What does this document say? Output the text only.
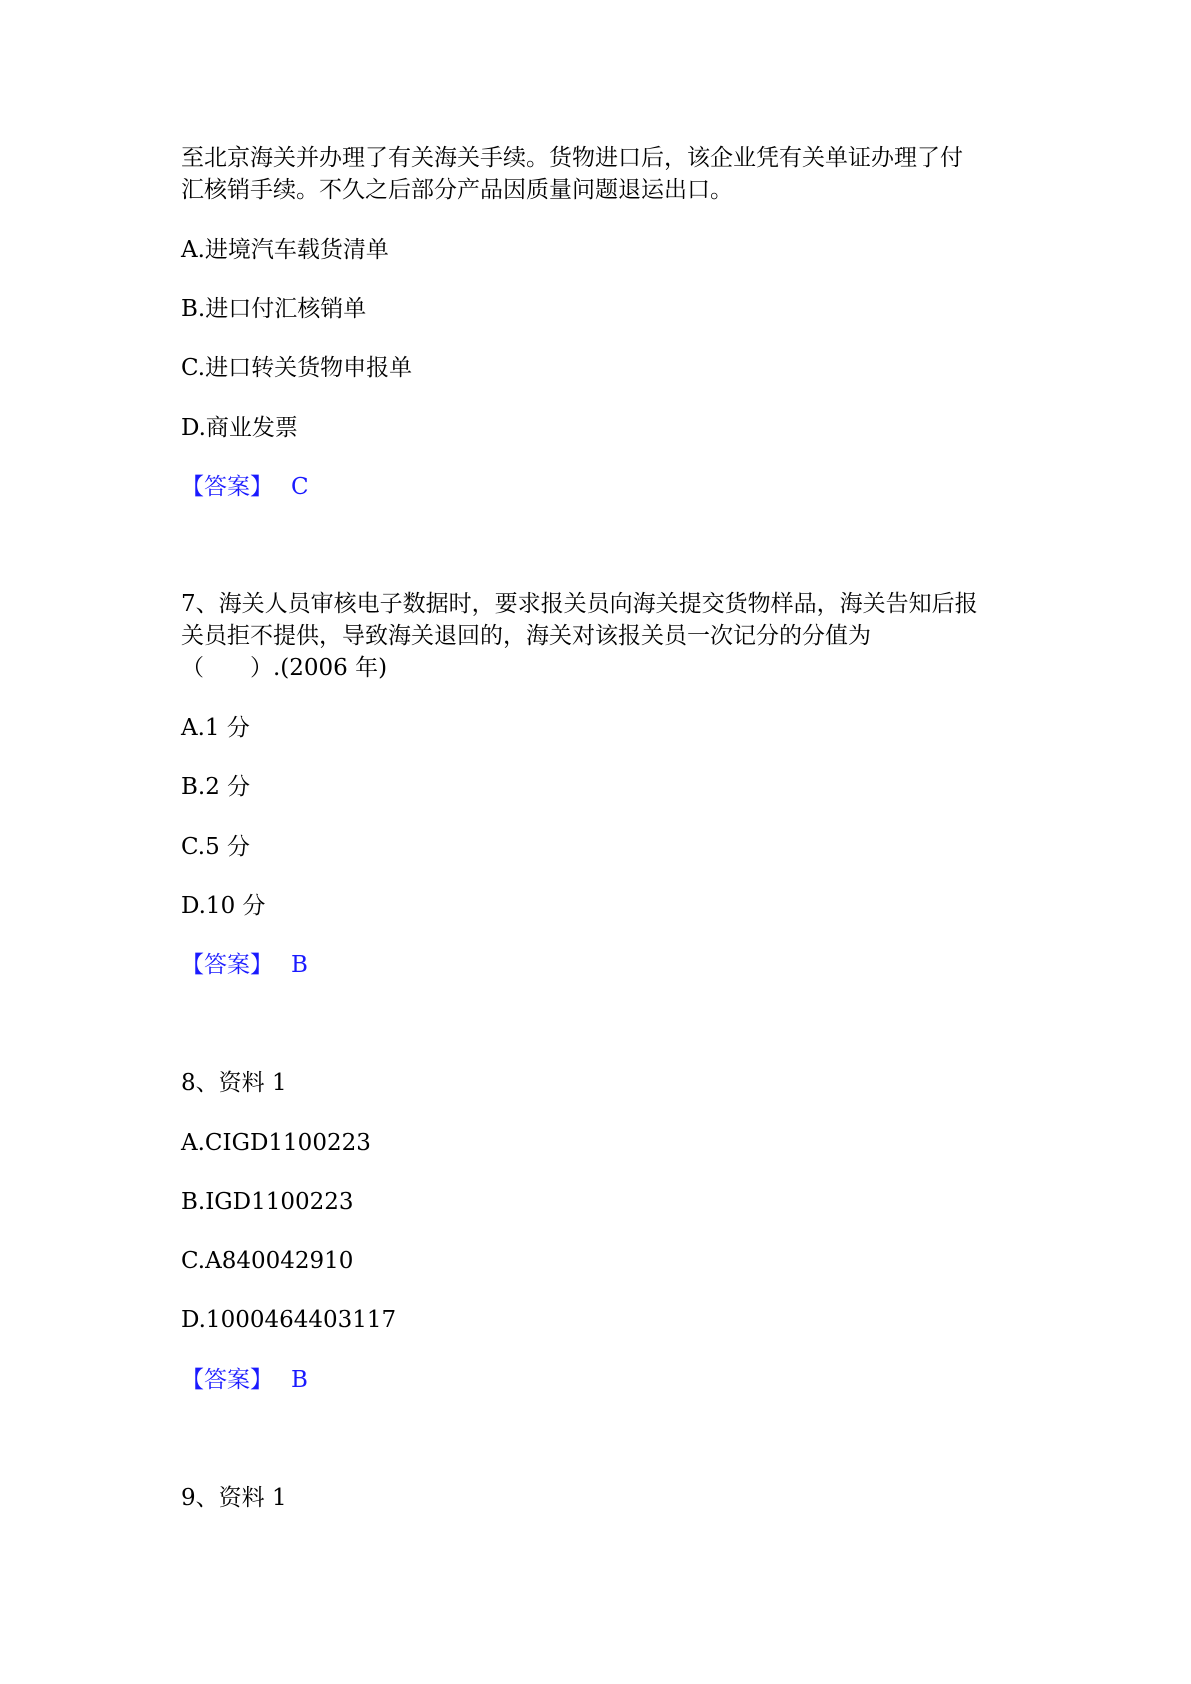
至北京海关并办理了有关海关手续。货物进口后，该企业凭有关单证办理了付
汇核销手续。不久之后部分产品因质量问题退运出口。
A.进境汽车载货清单
B.进口付汇核销单
C.进口转关货物申报单
D.商业发票
【答案】 C
7、海关人员审核电子数据时，要求报关员向海关提交货物样品，海关告知后报
关员拒不提供，导致海关退回的，海关对该报关员一次记分的分值为
（　　）.(2006 年)
A.1 分
B.2 分
C.5 分
D.10 分
【答案】 B
8、资料 1
A.CIGD1100223
B.IGD1100223
C.A840042910
D.1000464403117
【答案】 B
9、资料 1
